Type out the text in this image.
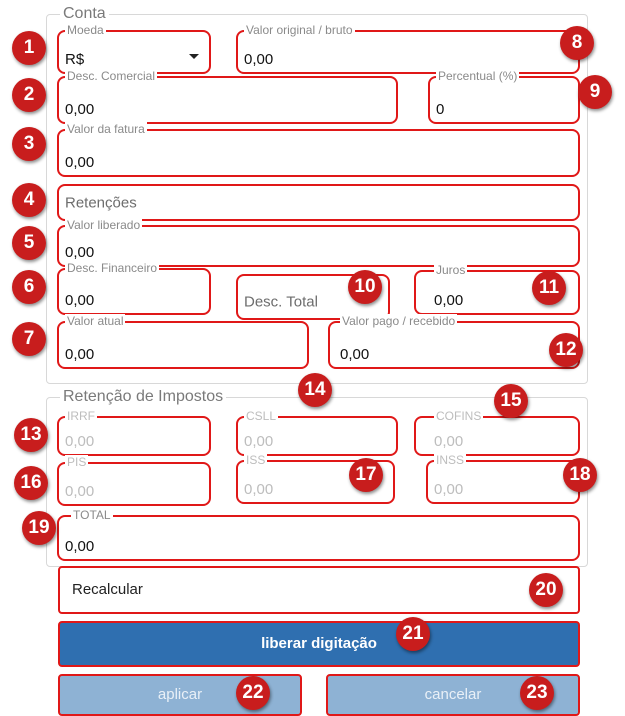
Conta
Moeda
R$
Valor original / bruto
0,00
Desc. Comercial
0,00
Percentual (%)
0
Valor da fatura
0,00
Retenções
Valor liberado
0,00
Desc. Financeiro
0,00	Desc. Total
Juros
0,00
Valor atual
0,00
Valor pago / recebido
0,00
Retenção de Impostos
IRRF
0,00
CSLL
0,00
COFINS
0,00
PIS
0,00
ISS
0,00
INSS
0,00
TOTAL
0,00
Recalcular
liberar digitação
aplicar	cancelar
1
2
3
4
5
6
7
8
9
10	11
12
13
14
15
16	17	18
19
20
21
22	23
